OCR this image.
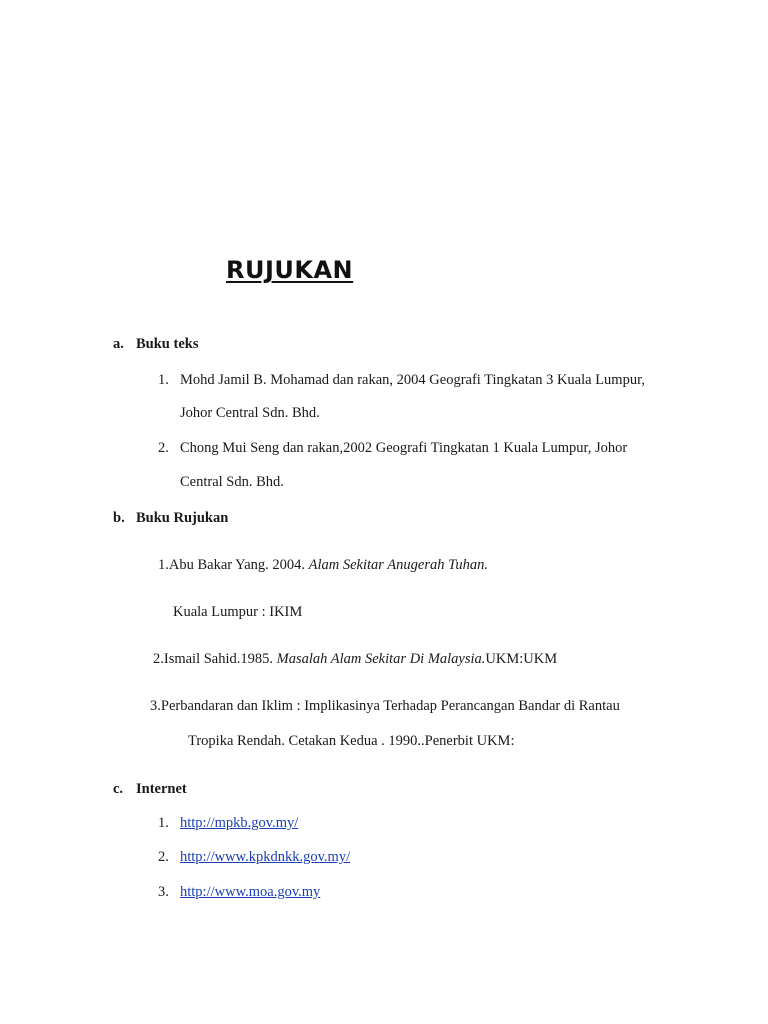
RUJUKAN
a. Buku teks
1. Mohd Jamil B. Mohamad dan rakan, 2004 Geografi Tingkatan 3 Kuala Lumpur,
Johor Central Sdn. Bhd.
2. Chong Mui Seng dan rakan,2002 Geografi Tingkatan 1 Kuala Lumpur, Johor
Central Sdn. Bhd.
b. Buku Rujukan
1.Abu Bakar Yang. 2004. Alam Sekitar Anugerah Tuhan.
Kuala Lumpur : IKIM
2.Ismail Sahid.1985. Masalah Alam Sekitar Di Malaysia.UKM:UKM
3.Perbandaran dan Iklim : Implikasinya Terhadap Perancangan Bandar di Rantau
Tropika Rendah. Cetakan Kedua . 1990..Penerbit UKM:
c. Internet
1. http://mpkb.gov.my/
2. http://www.kpkdnkk.gov.my/
3. http://www.moa.gov.my
